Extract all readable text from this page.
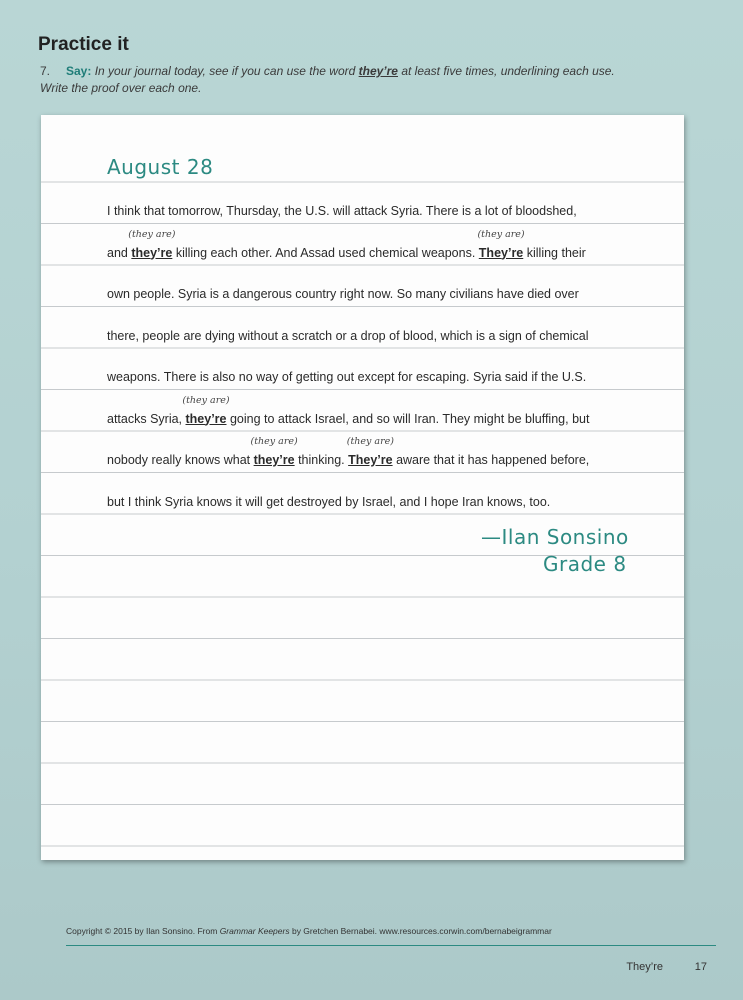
Practice it

7. Say: In your journal today, see if you can use the word they’re at least five times, underlining each use. Write the proof over each one.

August 28
I think that tomorrow, Thursday, the U.S. will attack Syria. There is a lot of bloodshed,
and they’re
(they are)
killing each other. And Assad used chemical weapons. They’re
(they are)
killing their
own people. Syria is a dangerous country right now. So many civilians have died over
there, people are dying without a scratch or a drop of blood, which is a sign of chemical
weapons. There is also no way of getting out except for escaping. Syria said if the U.S.
attacks Syria, they’re
(they are)
going to attack Israel, and so will Iran. They might be bluffing, but
nobody really knows what they’re
(they are)
thinking. They’re
(they are)
aware that it has happened before,
but I think Syria knows it will get destroyed by Israel, and I hope Iran knows, too.
—Ilan Sonsino
Grade 8
Copyright © 2015 by Ilan Sonsino. From Grammar Keepers by Gretchen Bernabei. www.resources.corwin.com/bernabeigrammar
They’re	17
